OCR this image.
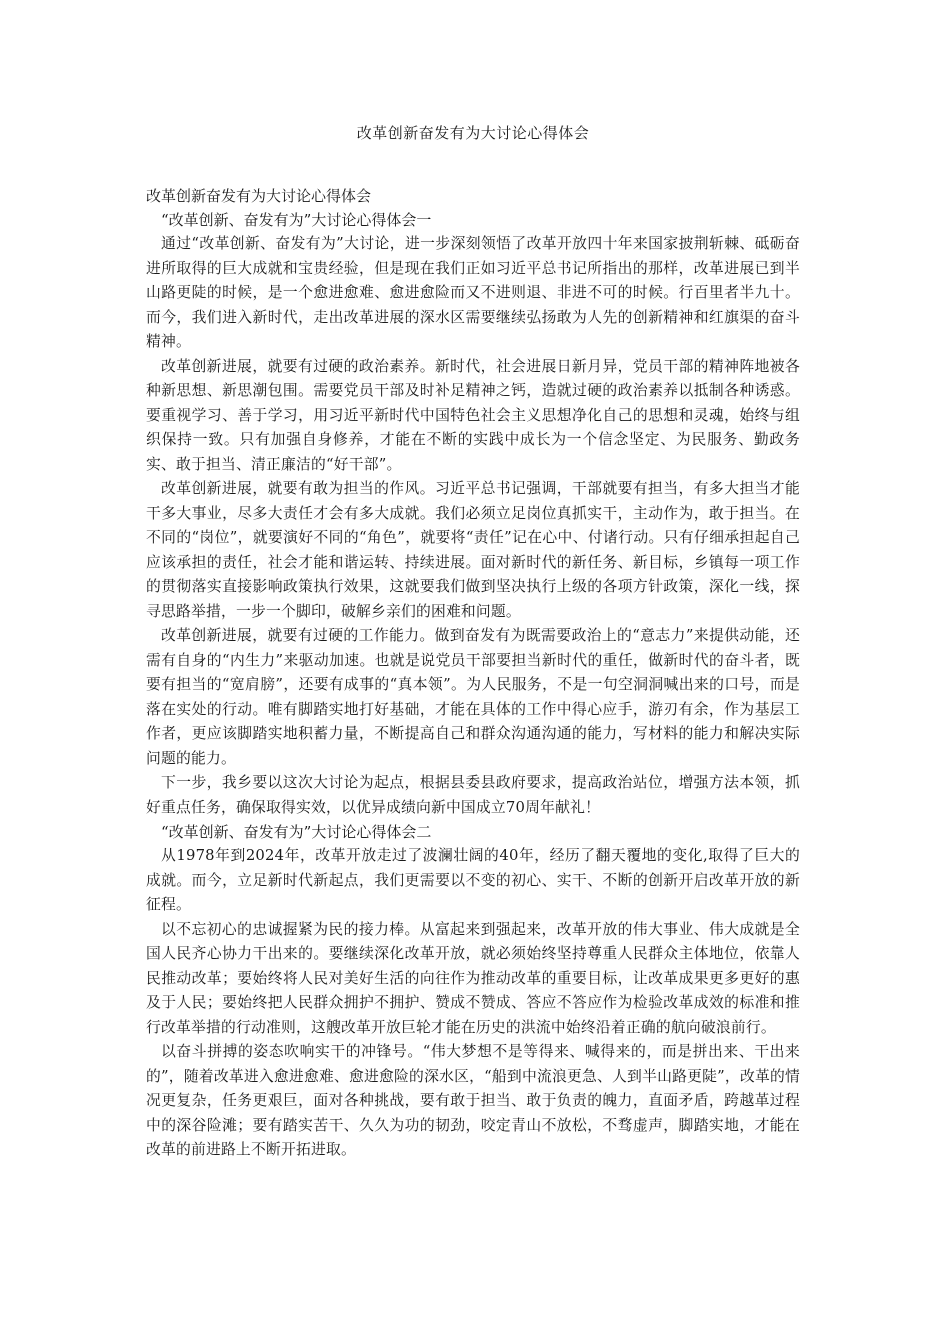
改革创新奋发有为大讨论心得体会
改革创新奋发有为大讨论心得体会
“改革创新、奋发有为”大讨论心得体会一

通过“改革创新、奋发有为”大讨论，进一步深刻领悟了改革开放四十年来国家披荆斩棘、砥砺奋进所取得的巨大成就和宝贵经验，但是现在我们正如习近平总书记所指出的那样，改革进展已到半山路更陡的时候，是一个愈进愈难、愈进愈险而又不进则退、非进不可的时候。行百里者半九十。而今，我们进入新时代，走出改革进展的深水区需要继续弘扬敢为人先的创新精神和红旗渠的奋斗精神。

改革创新进展，就要有过硬的政治素养。新时代，社会进展日新月异，党员干部的精神阵地被各种新思想、新思潮包围。需要党员干部及时补足精神之钙，造就过硬的政治素养以抵制各种诱惑。要重视学习、善于学习，用习近平新时代中国特色社会主义思想净化自己的思想和灵魂，始终与组织保持一致。只有加强自身修养，才能在不断的实践中成长为一个信念坚定、为民服务、勤政务实、敢于担当、清正廉洁的“好干部”。

改革创新进展，就要有敢为担当的作风。习近平总书记强调，干部就要有担当，有多大担当才能干多大事业，尽多大责任才会有多大成就。我们必须立足岗位真抓实干，主动作为，敢于担当。在不同的“岗位”，就要演好不同的“角色”，就要将“责任”记在心中、付诸行动。只有仔细承担起自己应该承担的责任，社会才能和谐运转、持续进展。面对新时代的新任务、新目标，乡镇每一项工作的贯彻落实直接影响政策执行效果，这就要我们做到坚决执行上级的各项方针政策，深化一线，探寻思路举措，一步一个脚印，破解乡亲们的困难和问题。

改革创新进展，就要有过硬的工作能力。做到奋发有为既需要政治上的“意志力”来提供动能，还需有自身的“内生力”来驱动加速。也就是说党员干部要担当新时代的重任，做新时代的奋斗者，既要有担当的“宽肩膀”，还要有成事的“真本领”。为人民服务，不是一句空洞洞喊出来的口号，而是落在实处的行动。唯有脚踏实地打好基础，才能在具体的工作中得心应手，游刃有余，作为基层工作者，更应该脚踏实地积蓄力量，不断提高自己和群众沟通沟通的能力，写材料的能力和解决实际问题的能力。

下一步，我乡要以这次大讨论为起点，根据县委县政府要求，提高政治站位，增强方法本领，抓好重点任务，确保取得实效，以优异成绩向新中国成立70周年献礼！

“改革创新、奋发有为”大讨论心得体会二

从1978年到2024年，改革开放走过了波澜壮阔的40年，经历了翻天覆地的变化,取得了巨大的成就。而今，立足新时代新起点，我们更需要以不变的初心、实干、不断的创新开启改革开放的新征程。

以不忘初心的忠诚握紧为民的接力棒。从富起来到强起来，改革开放的伟大事业、伟大成就是全国人民齐心协力干出来的。要继续深化改革开放，就必须始终坚持尊重人民群众主体地位，依靠人民推动改革；要始终将人民对美好生活的向往作为推动改革的重要目标，让改革成果更多更好的惠及于人民；要始终把人民群众拥护不拥护、赞成不赞成、答应不答应作为检验改革成效的标准和推行改革举措的行动准则，这艘改革开放巨轮才能在历史的洪流中始终沿着正确的航向破浪前行。

以奋斗拼搏的姿态吹响实干的冲锋号。“伟大梦想不是等得来、喊得来的，而是拼出来、干出来的”，随着改革进入愈进愈难、愈进愈险的深水区，“船到中流浪更急、人到半山路更陡”，改革的情况更复杂，任务更艰巨，面对各种挑战，要有敢于担当、敢于负责的魄力，直面矛盾，跨越革过程中的深谷险滩；要有踏实苦干、久久为功的韧劲，咬定青山不放松，不骛虚声，脚踏实地，才能在改革的前进路上不断开拓进取。
